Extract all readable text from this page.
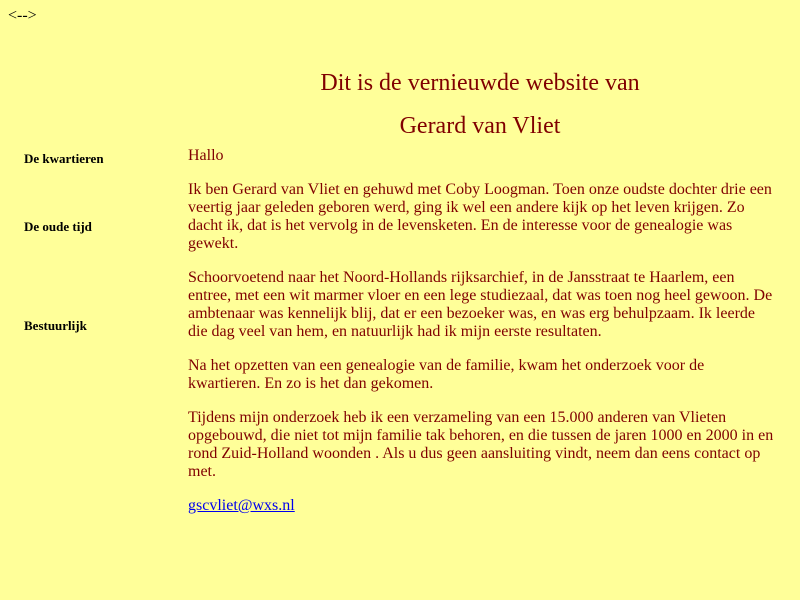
<-->
Dit is de vernieuwde website van
Gerard van Vliet
De kwartieren
De oude tijd
Bestuurlijk

Hallo

Ik ben Gerard van Vliet en gehuwd met Coby Loogman. Toen onze oudste dochter drie een veertig jaar geleden geboren werd, ging ik wel een andere kijk op het leven krijgen. Zo dacht ik, dat is het vervolg in de levensketen. En de interesse voor de genealogie was gewekt.

Schoorvoetend naar het Noord-Hollands rijksarchief, in de Jansstraat te Haarlem, een entree, met een wit marmer vloer en een lege studiezaal, dat was toen nog heel gewoon. De ambtenaar was kennelijk blij, dat er een bezoeker was, en was erg behulpzaam. Ik leerde die dag veel van hem, en natuurlijk had ik mijn eerste resultaten.

Na het opzetten van een genealogie van de familie, kwam het onderzoek voor de kwartieren. En zo is het dan gekomen.

Tijdens mijn onderzoek heb ik een verzameling van een 15.000 anderen van Vlieten opgebouwd, die niet tot mijn familie tak behoren, en die tussen de jaren 1000 en 2000 in en rond Zuid-Holland woonden . Als u dus geen aansluiting vindt, neem dan eens contact op met.

gscvliet@wxs.nl
